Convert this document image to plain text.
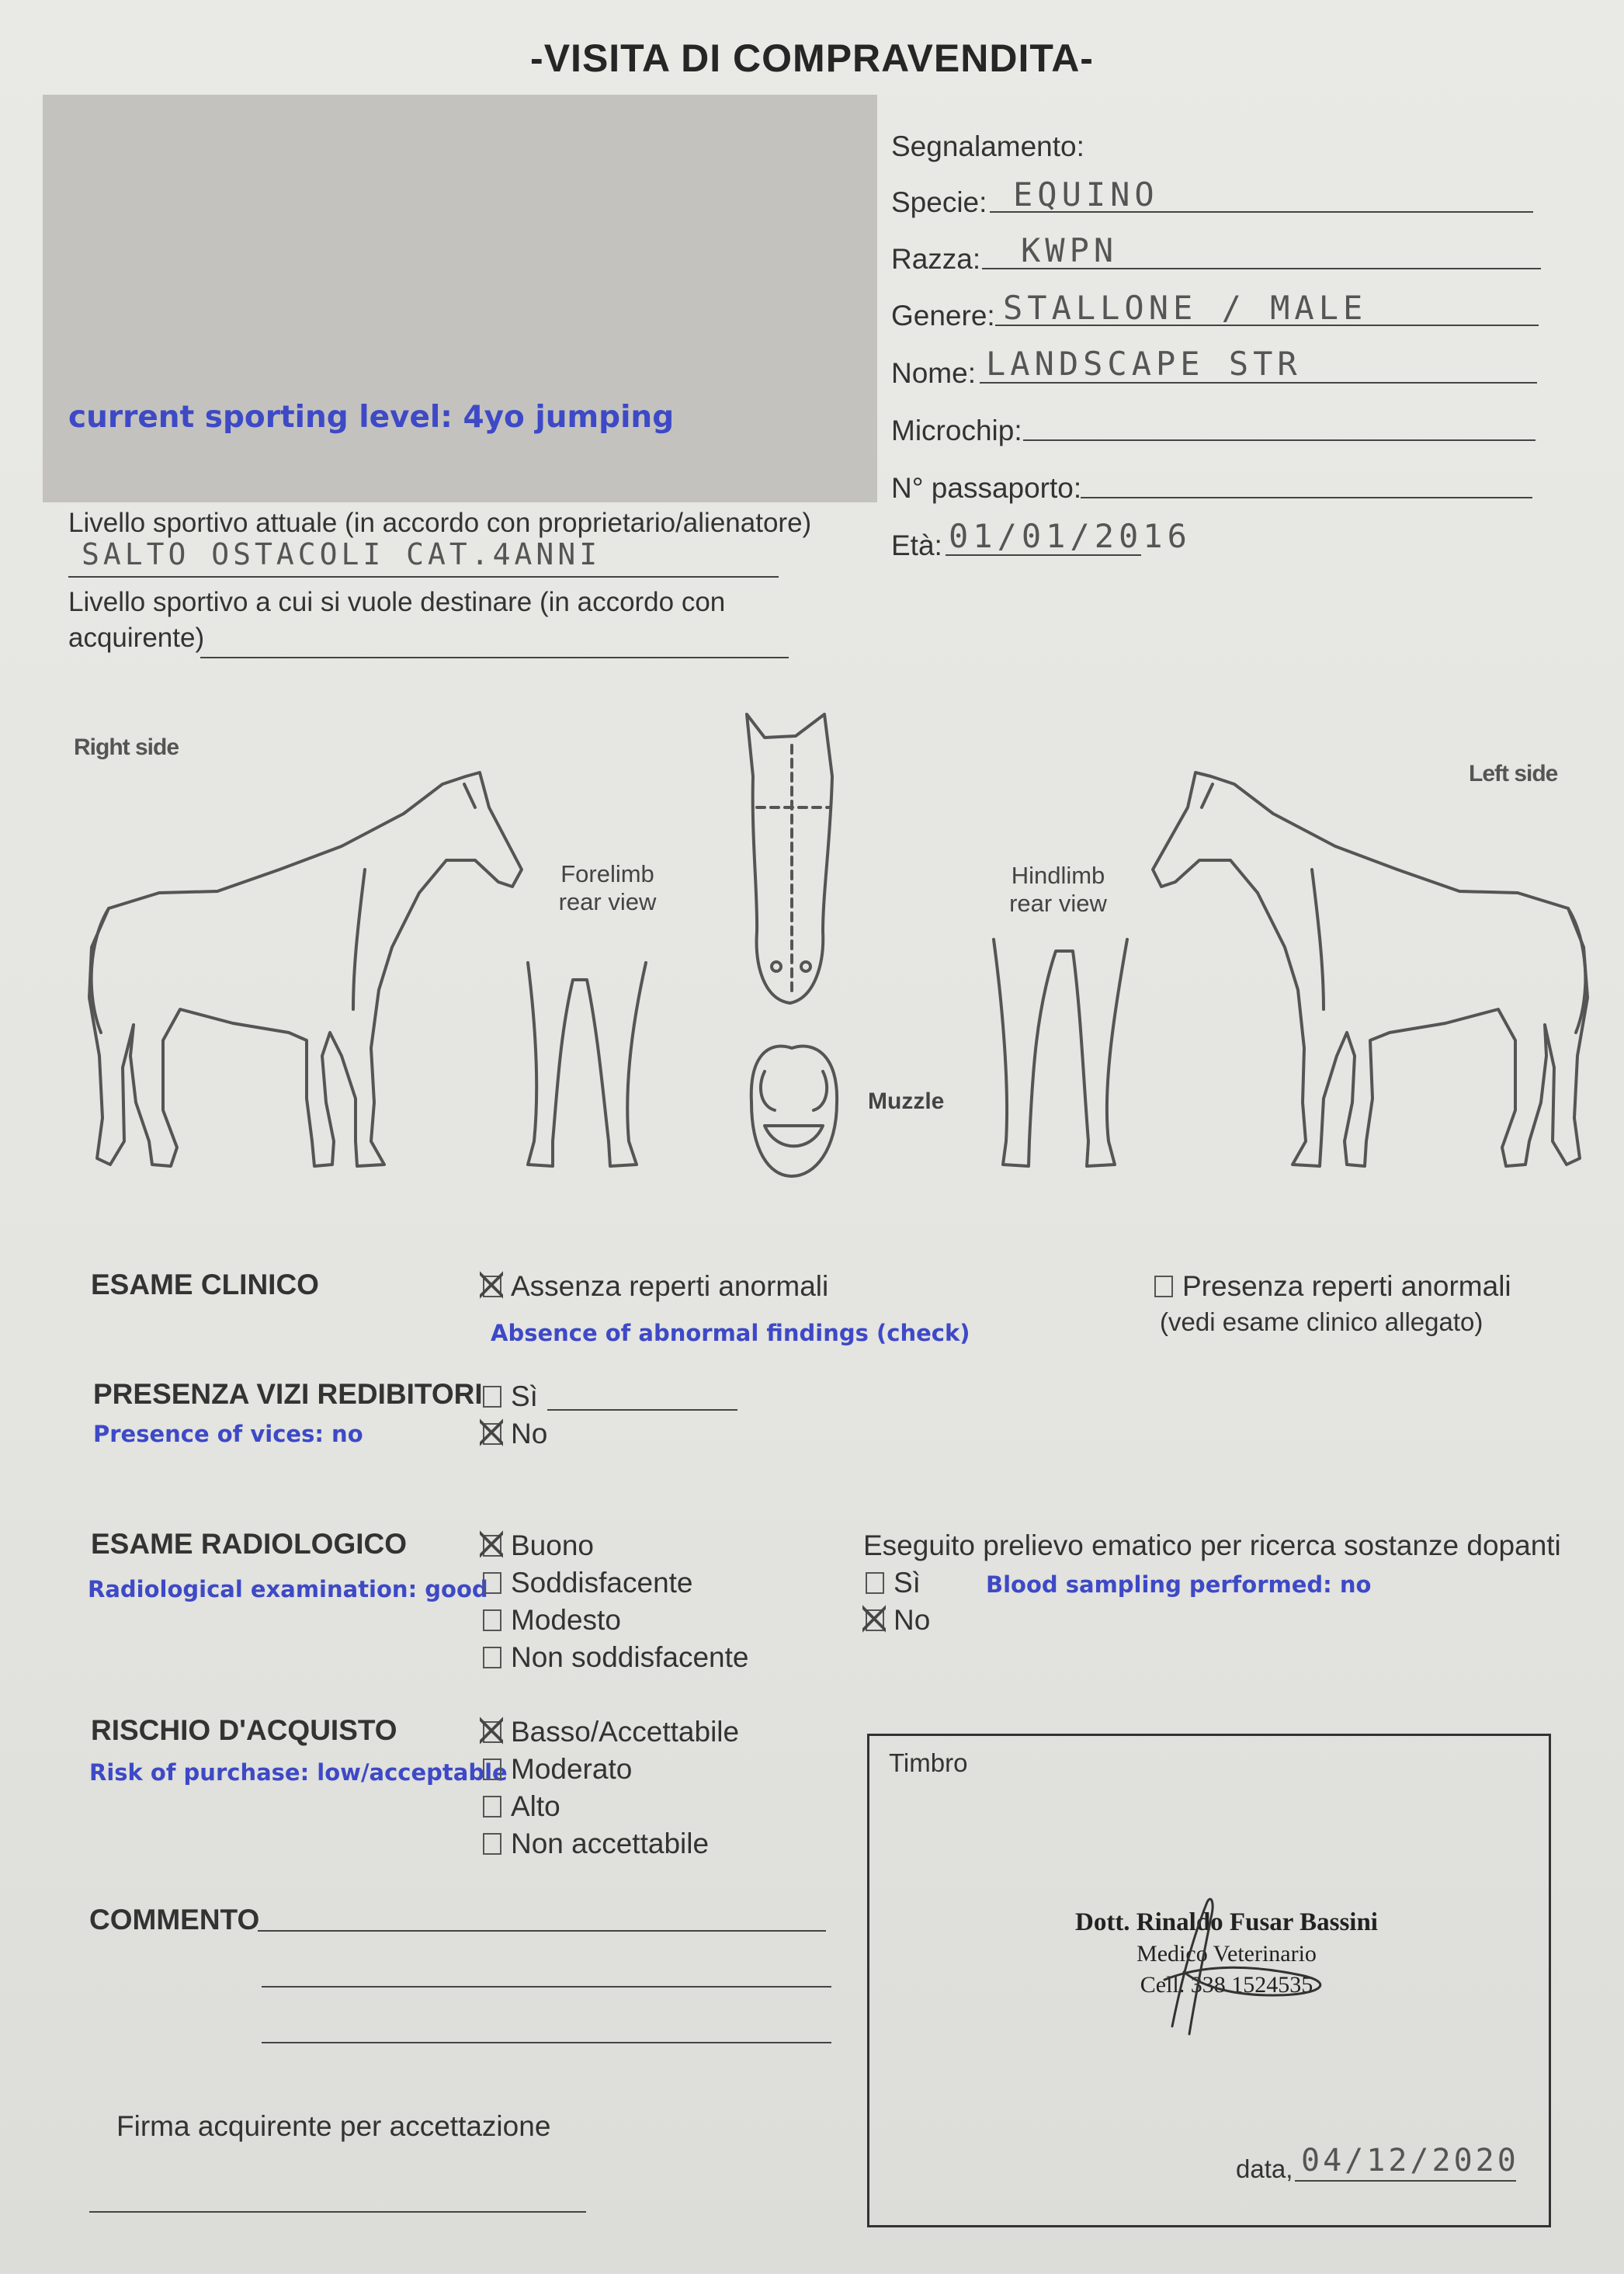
-VISITA DI COMPRAVENDITA-
current sporting level: 4yo jumping
Segnalamento:
Specie: EQUINO
Razza: KWPN
Genere: STALLONE / MALE
Nome: LANDSCAPE STR
Microchip:
N° passaporto:
Età: 01/01/2016
Livello sportivo attuale (in accordo con proprietario/alienatore)
SALTO OSTACOLI CAT.4ANNI
Livello sportivo a cui si vuole destinare (in accordo con
acquirente)
Right side
Left side
Forelimb
rear view
Hindlimb
rear view
Muzzle
ESAME CLINICO	Assenza reperti anormali
Absence of abnormal findings (check)
Presenza reperti anormali
(vedi esame clinico allegato)
PRESENZA VIZI REDIBITORI
Presence of vices: no
Sì
No
ESAME RADIOLOGICO
Radiological examination: good
Buono
Soddisfacente
Modesto
Non soddisfacente
Eseguito prelievo ematico per ricerca sostanze dopanti
Sì	Blood sampling performed: no
No
RISCHIO D'ACQUISTO
Risk of purchase: low/acceptable
Basso/Accettabile
Moderato
Alto
Non accettabile
COMMENTO
Firma acquirente per accettazione
Timbro
Dott. Rinaldo Fusar Bassini
Medico Veterinario
Cell. 338 1524535
data, 04/12/2020
